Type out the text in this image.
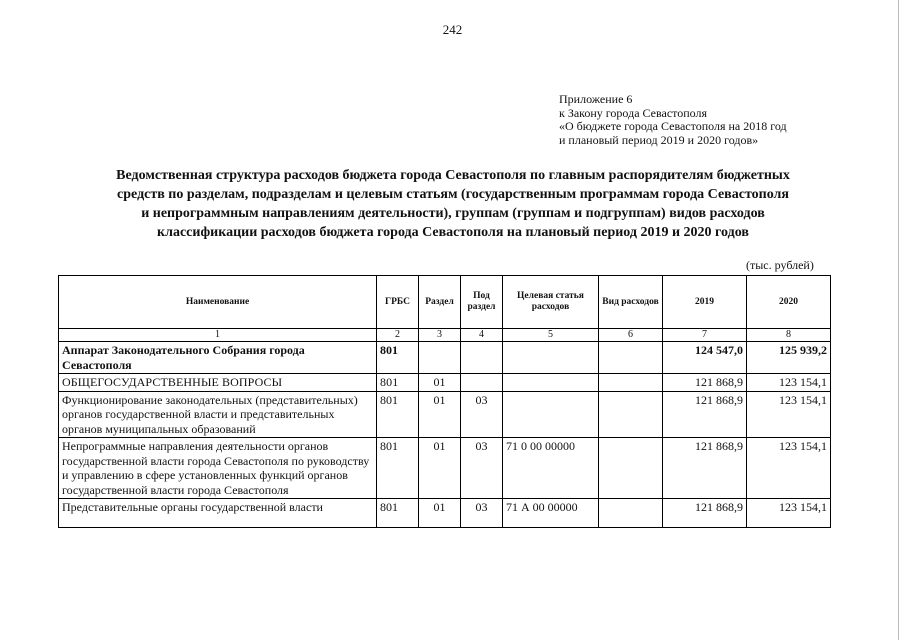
242
Приложение 6
к Закону города Севастополя
«О бюджете города Севастополя на 2018 год
и плановый период 2019 и 2020 годов»
Ведомственная структура расходов бюджета города Севастополя по главным распорядителям бюджетных
средств по разделам, подразделам и целевым статьям (государственным программам города Севастополя
и непрограммным направлениям деятельности), группам (группам и подгруппам) видов расходов
классификации расходов бюджета города Севастополя на плановый период 2019 и 2020 годов
(тыс. рублей)
Наименование	ГРБС	Раздел	Под раздел	Целевая статья расходов	Вид расходов	2019	2020
1	2	3	4	5	6	7	8
Аппарат Законодательного Собрания города Севастополя	801					124 547,0	125 939,2
ОБЩЕГОСУДАРСТВЕННЫЕ ВОПРОСЫ	801	01				121 868,9	123 154,1
Функционирование законодательных (представительных) органов государственной власти и представительных органов муниципальных образований	801	01	03			121 868,9	123 154,1
Непрограммные направления деятельности органов государственной власти города Севастополя по руководству и управлению в сфере установленных функций органов государственной власти города Севастополя	801	01	03	71 0 00 00000		121 868,9	123 154,1
Представительные органы государственной власти	801	01	03	71 А 00 00000		121 868,9	123 154,1
